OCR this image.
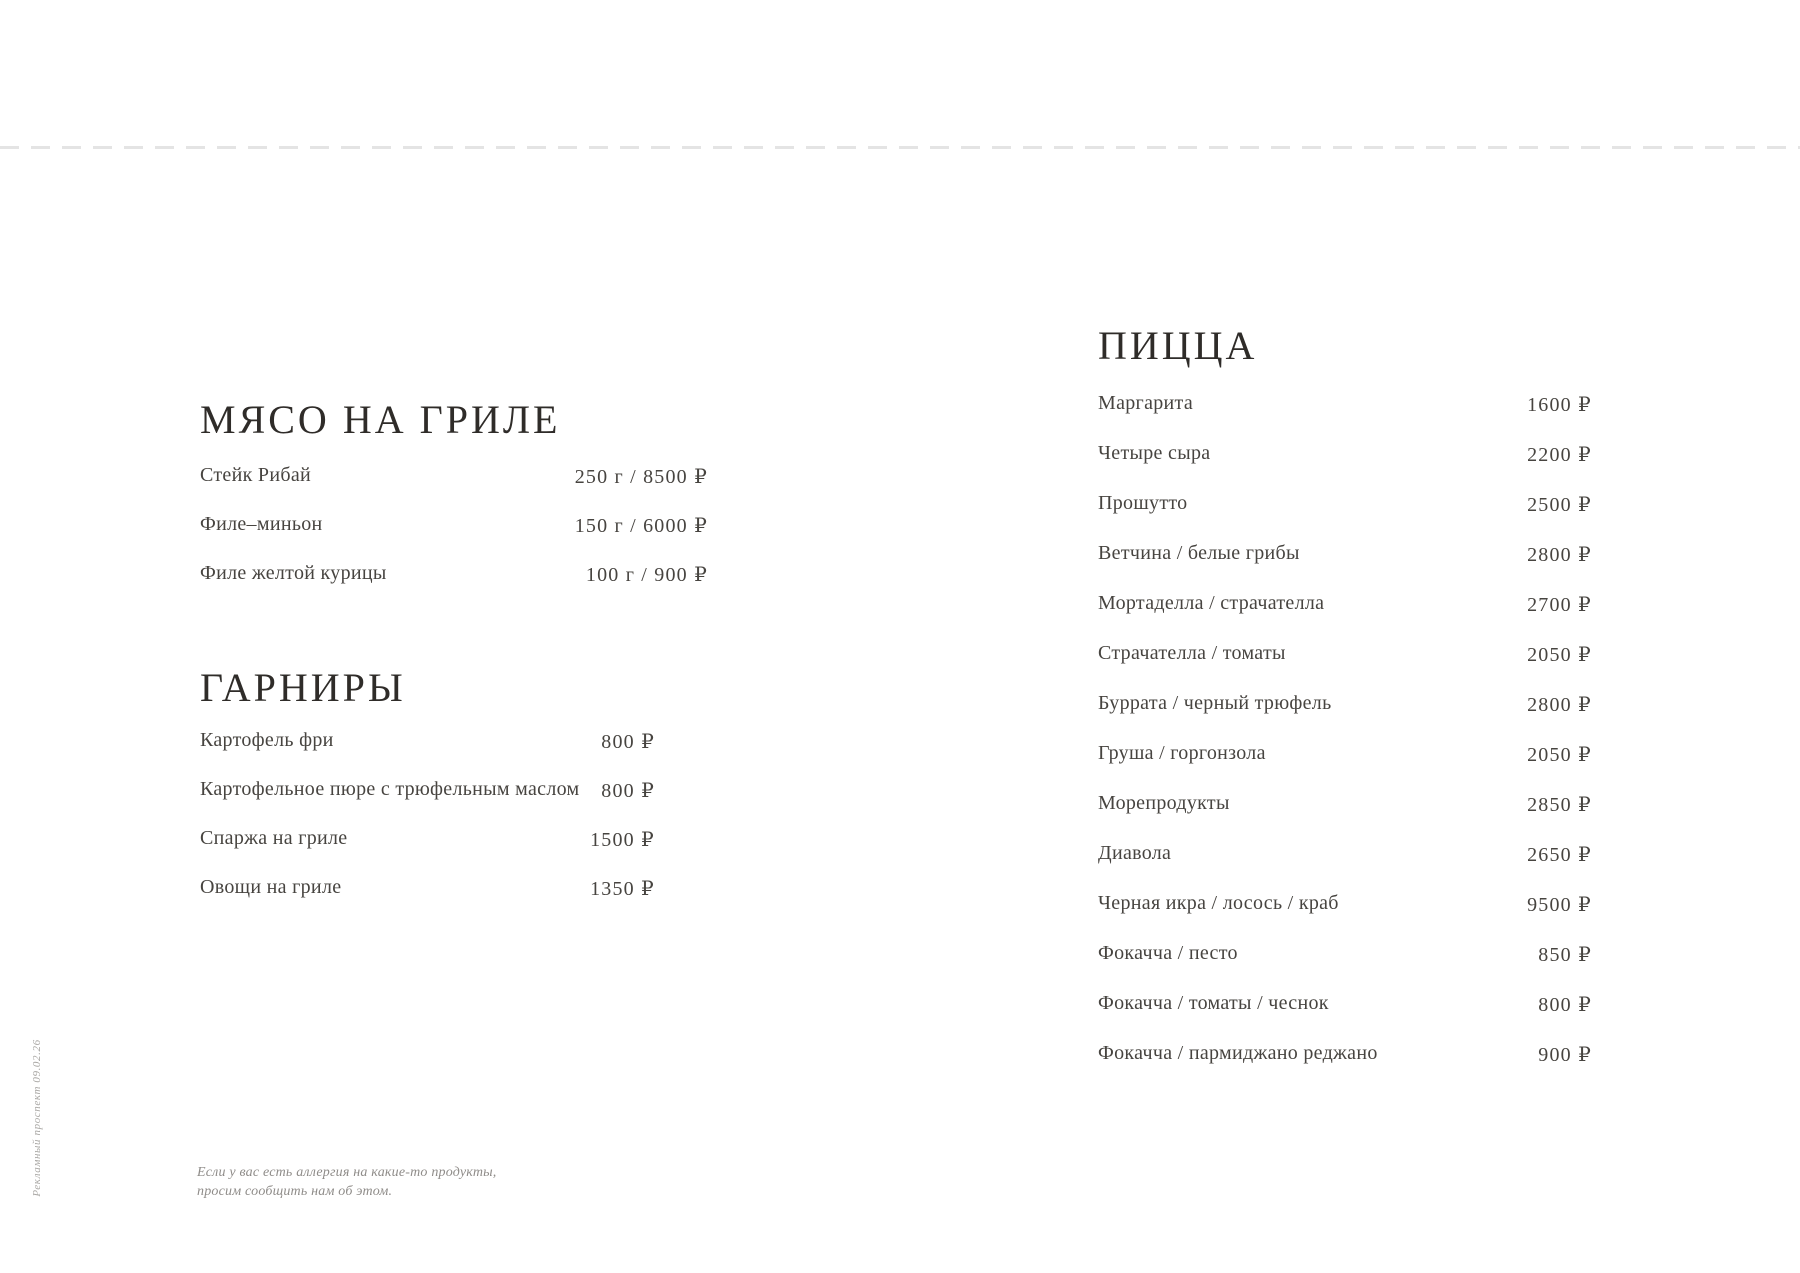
Рекламный проспект 09.02.26
МЯСО НА ГРИЛЕ
Стейк Рибай	250 г / 8500 ₽
Филе–миньон	150 г / 6000 ₽
Филе желтой курицы	100 г / 900 ₽
ГАРНИРЫ
Картофель фри	800 ₽
Картофельное пюре с трюфельным маслом 800 ₽
Спаржа на гриле	1500 ₽
Овощи на гриле	1350 ₽
ПИЦЦА
Маргарита	1600 ₽
Четыре сыра	2200 ₽
Прошутто	2500 ₽
Ветчина / белые грибы	2800 ₽
Мортаделла / страчателла	2700 ₽
Страчателла / томаты	2050 ₽
Буррата / черный трюфель	2800 ₽
Груша / горгонзола	2050 ₽
Морепродукты	2850 ₽
Диавола	2650 ₽
Черная икра / лосось / краб	9500 ₽
Фокачча / песто	850 ₽
Фокачча / томаты / чеснок	800 ₽
Фокачча / пармиджано реджано	900 ₽
Если у вас есть аллергия на какие-то продукты,
просим сообщить нам об этом.
